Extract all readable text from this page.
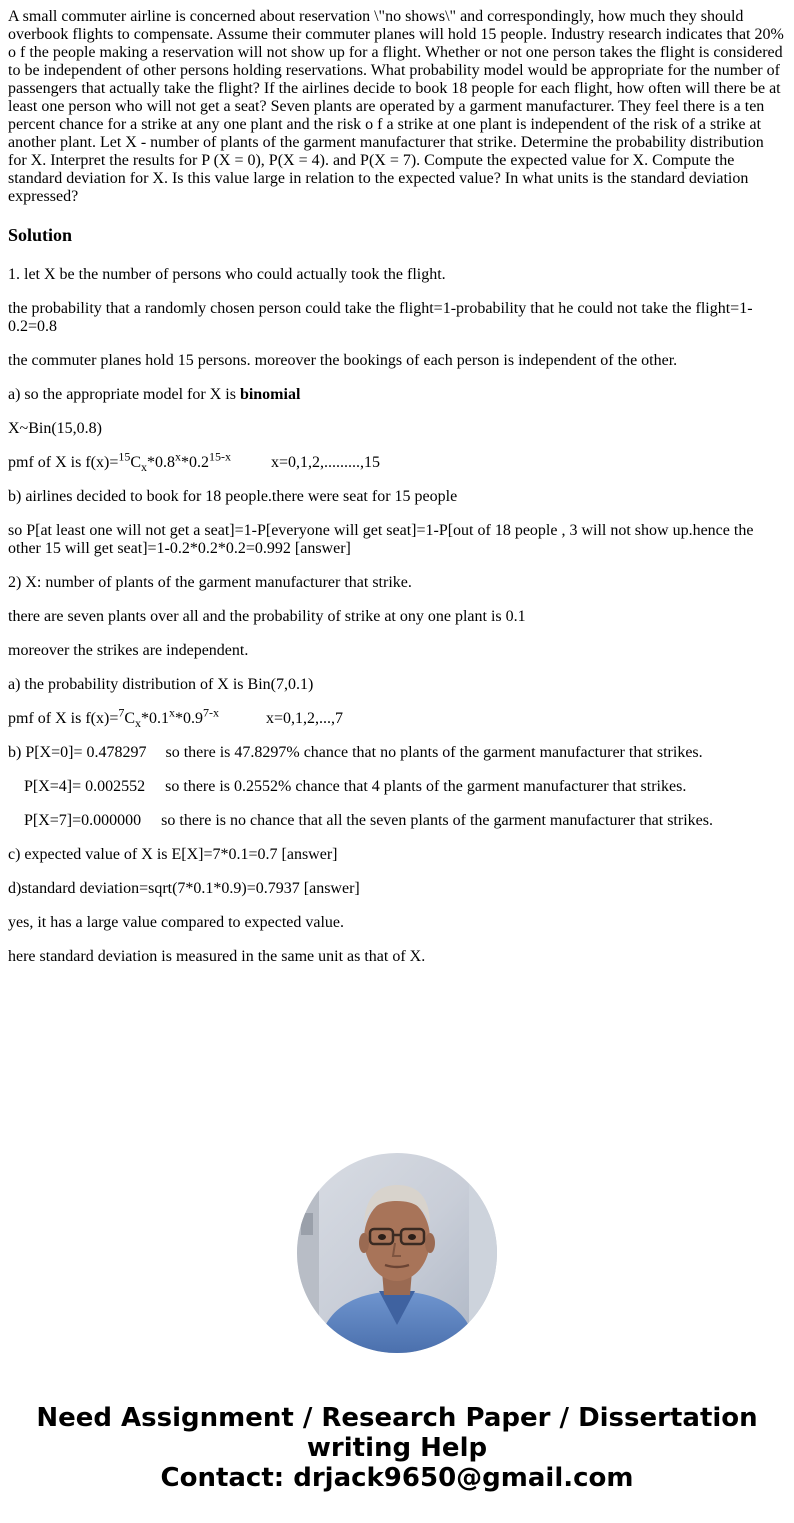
A small commuter airline is concerned about reservation \"no shows\" and correspondingly, how much they should overbook flights to compensate. Assume their commuter planes will hold 15 people. Industry research indicates that 20% o f the people making a reservation will not show up for a flight. Whether or not one person takes the flight is considered to be independent of other persons holding reservations. What probability model would be appropriate for the number of passengers that actually take the flight? If the airlines decide to book 18 people for each flight, how often will there be at least one person who will not get a seat? Seven plants are operated by a garment manufacturer. They feel there is a ten percent chance for a strike at any one plant and the risk o f a strike at one plant is independent of the risk of a strike at another plant. Let X - number of plants of the garment manufacturer that strike. Determine the probability distribution for X. Interpret the results for P (X = 0), P(X = 4). and P(X = 7). Compute the expected value for X. Compute the standard deviation for X. Is this value large in relation to the expected value? In what units is the standard deviation expressed?

Solution

1. let X be the number of persons who could actually took the flight.

the probability that a randomly chosen person could take the flight=1-probability that he could not take the flight=1-0.2=0.8

the commuter planes hold 15 persons. moreover the bookings of each person is independent of the other.

a) so the appropriate model for X is binomial

X~Bin(15,0.8)

pmf of X is $f(x)=^{15}C_x*0.8^x*0.2^{15-x}$	x=0,1,2,.........,15

b) airlines decided to book for 18 people.there were seat for 15 people

so P[at least one will not get a seat]=1-P[everyone will get seat]=1-P[out of 18 people , 3 will not show up.hence the other 15 will get seat]=1-0.2*0.2*0.2=0.992 [answer]

2) X: number of plants of the garment manufacturer that strike.

there are seven plants over all and the probability of strike at ony one plant is 0.1

moreover the strikes are independent.

a) the probability distribution of X is Bin(7,0.1)

pmf of X is $f(x)=^7C_x*0.1^x*0.9^{7-x}$	x=0,1,2,...,7

b) P[X=0]= 0.478297 so there is 47.8297% chance that no plants of the garment manufacturer that strikes.

P[X=4]= 0.002552 so there is 0.2552% chance that 4 plants of the garment manufacturer that strikes.

P[X=7]=0.000000 so there is no chance that all the seven plants of the garment manufacturer that strikes.

c) expected value of X is E[X]=7*0.1=0.7 [answer]

d)standard deviation=sqrt(7*0.1*0.9)=0.7937 [answer]

yes, it has a large value compared to expected value.

here standard deviation is measured in the same unit as that of X.

Need Assignment / Research Paper / Dissertation
writing Help
Contact: drjack9650@gmail.com
